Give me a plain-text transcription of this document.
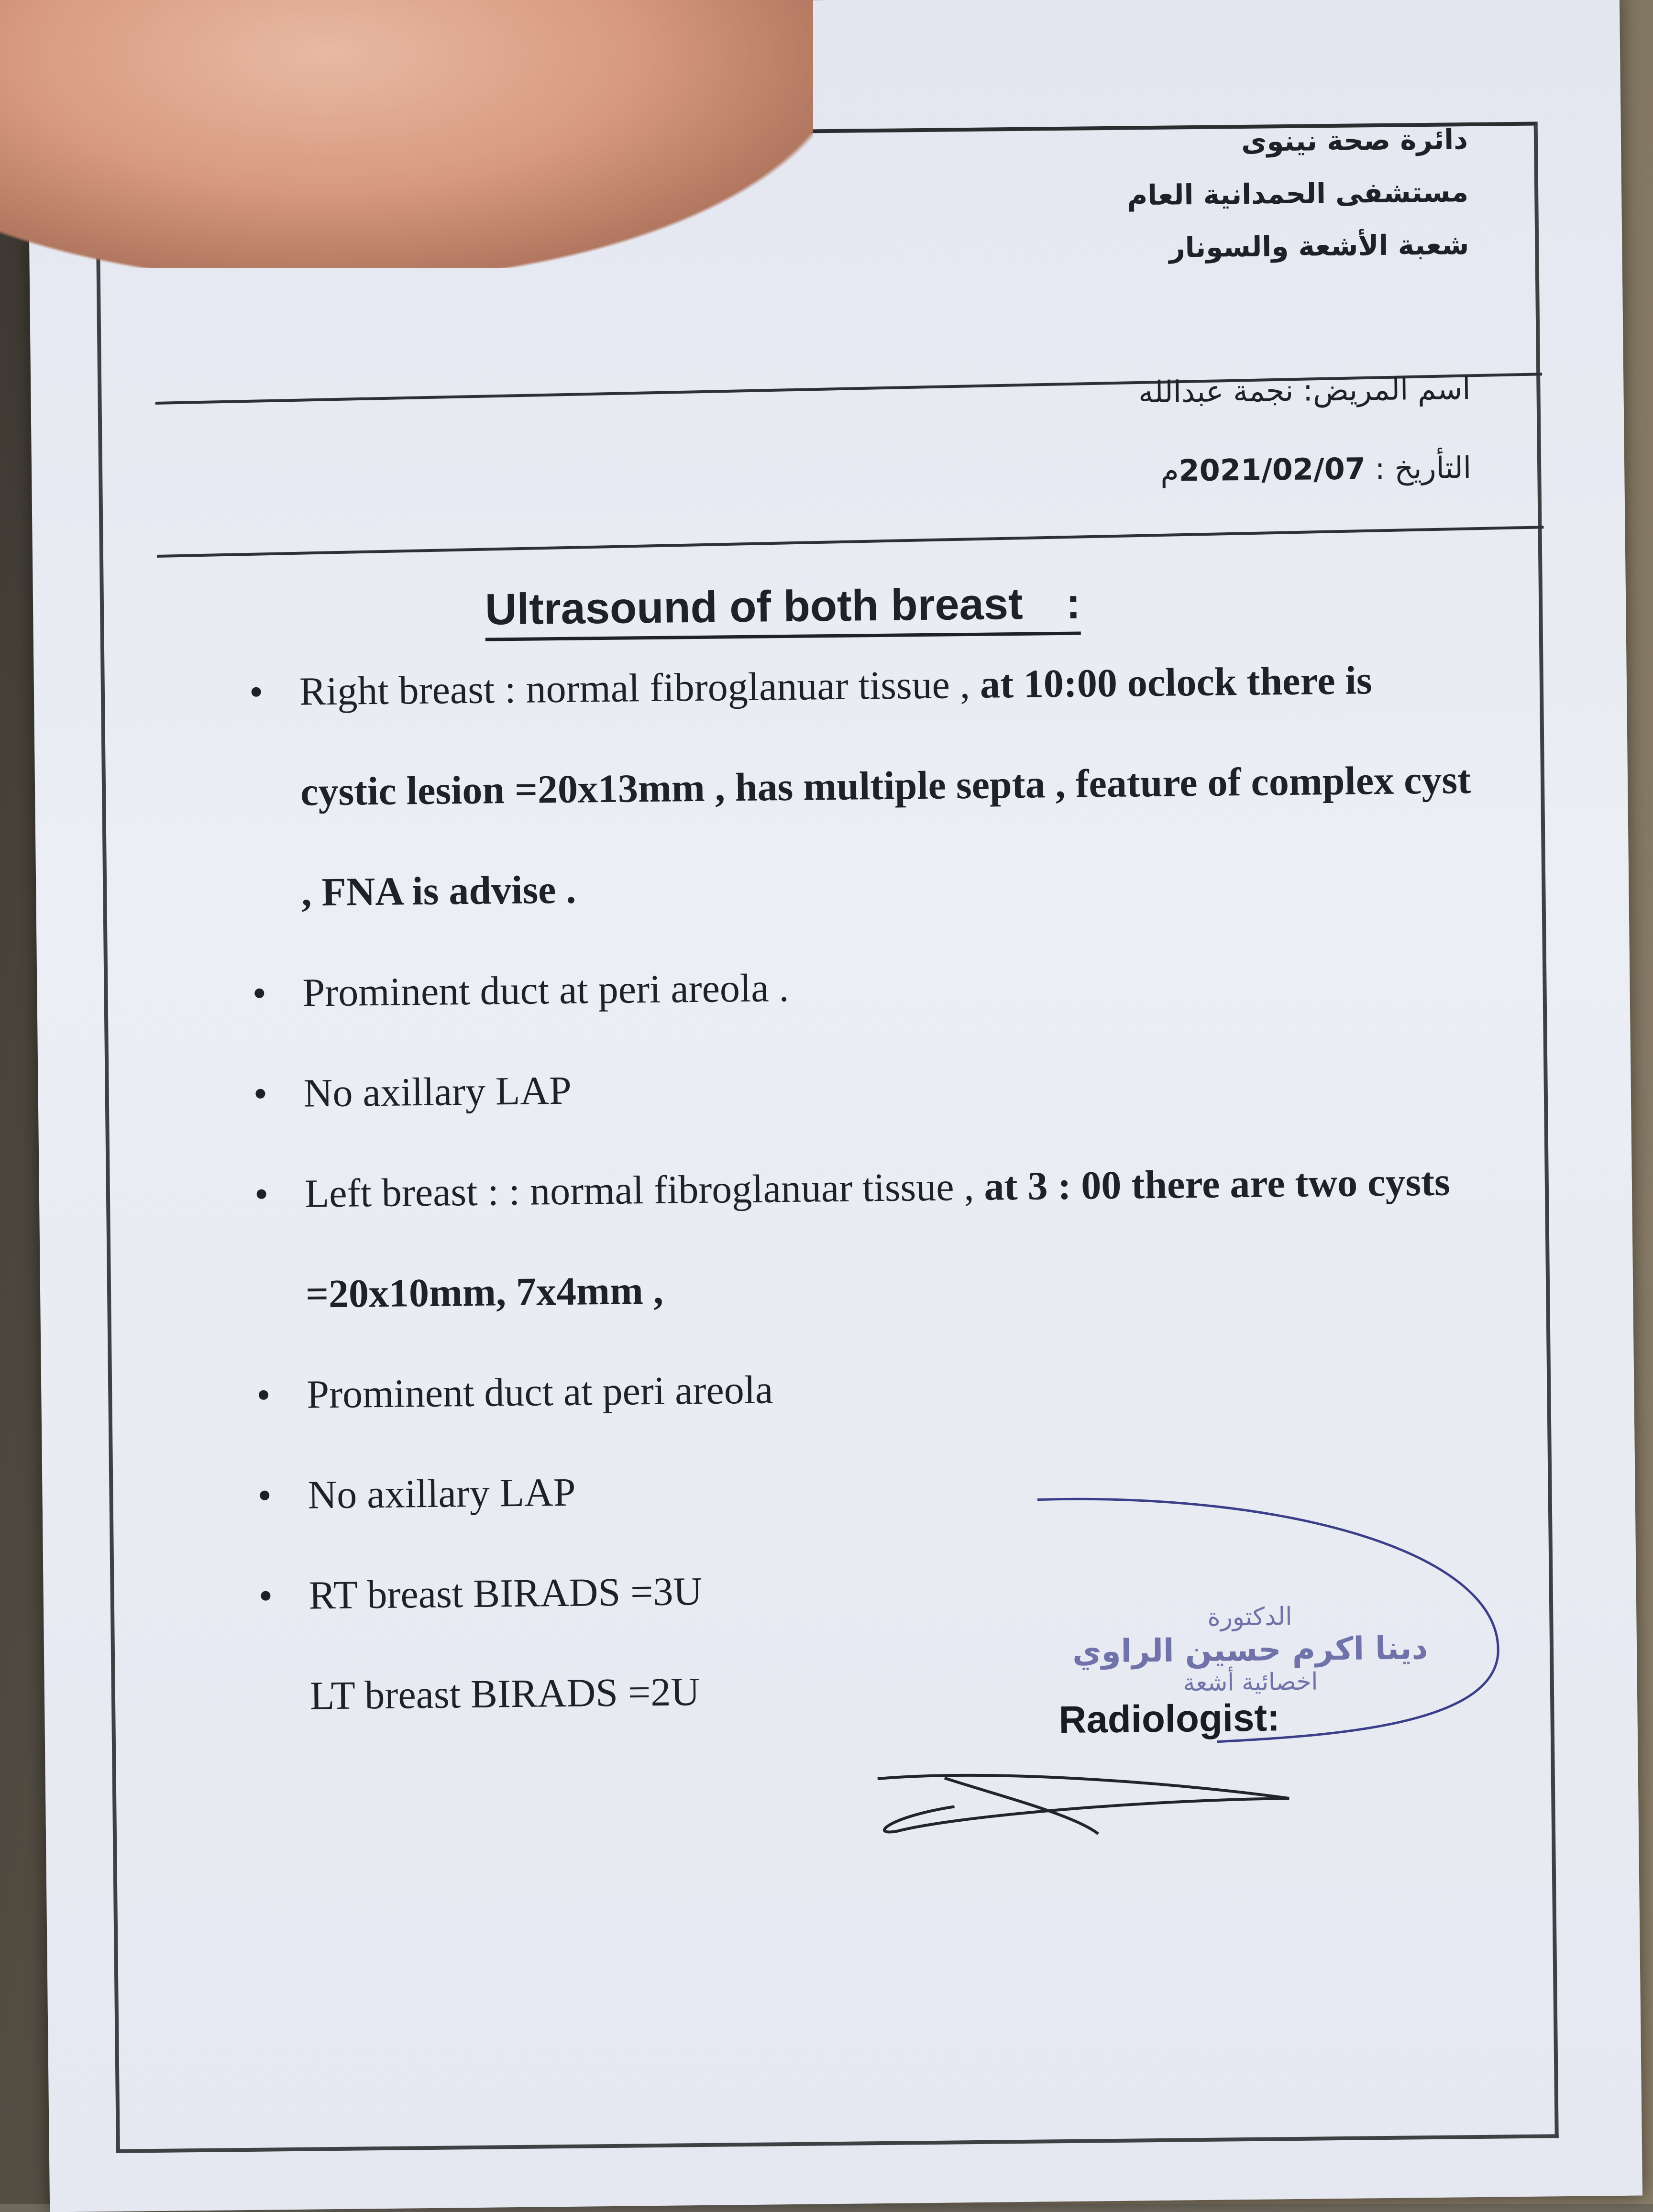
دائرة صحة نينوى
مستشفى الحمدانية العام
شعبة الأشعة والسونار
اسم المريض: نجمة عبدالله
التأريخ : 2021/02/07م
Ultrasound of both breast :
• Right breast : normal fibroglanuar tissue , at 10:00 oclock there is
cystic lesion =20x13mm , has multiple septa , feature of complex cyst
, FNA is advise .
• Prominent duct at peri areola .
• No axillary LAP
• Left breast : : normal fibroglanuar tissue , at 3 : 00 there are two cysts
=20x10mm, 7x4mm ,
• Prominent duct at peri areola
• No axillary LAP
• RT breast BIRADS =3U
LT breast BIRADS =2U
الدكتورة
دينا اكرم حسين الراوي
اخصائية أشعة
Radiologist:
